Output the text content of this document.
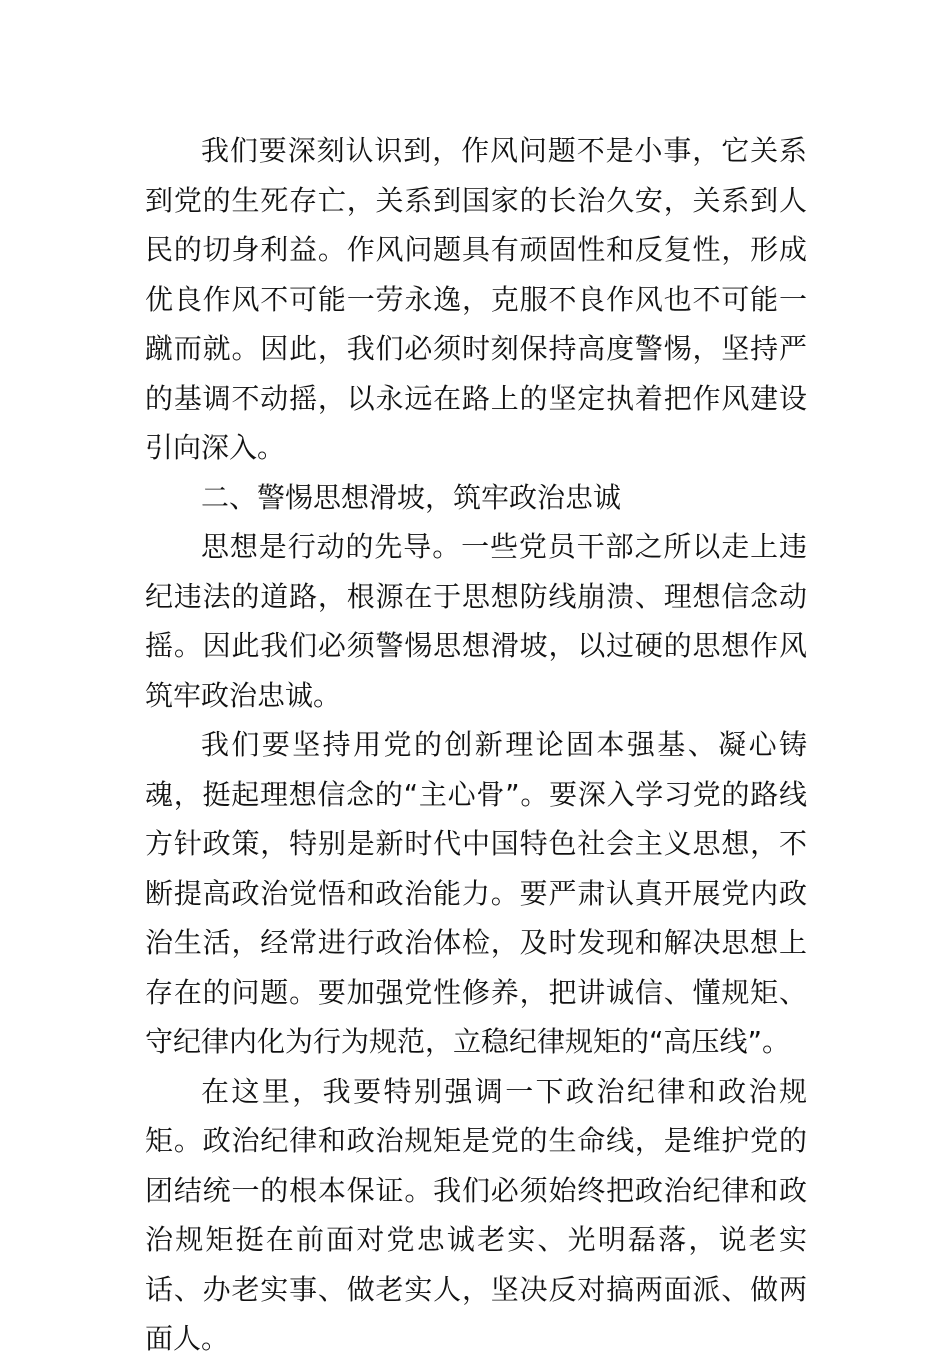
我们要深刻认识到，作风问题不是小事，它关系到党的生死存亡，关系到国家的长治久安，关系到人民的切身利益。作风问题具有顽固性和反复性，形成优良作风不可能一劳永逸，克服不良作风也不可能一蹴而就。因此，我们必须时刻保持高度警惕，坚持严的基调不动摇，以永远在路上的坚定执着把作风建设引向深入。

二、警惕思想滑坡，筑牢政治忠诚

思想是行动的先导。一些党员干部之所以走上违纪违法的道路，根源在于思想防线崩溃、理想信念动摇。因此我们必须警惕思想滑坡，以过硬的思想作风筑牢政治忠诚。

我们要坚持用党的创新理论固本强基、凝心铸魂，挺起理想信念的“主心骨”。要深入学习党的路线方针政策，特别是新时代中国特色社会主义思想，不断提高政治觉悟和政治能力。要严肃认真开展党内政治生活，经常进行政治体检，及时发现和解决思想上存在的问题。要加强党性修养，把讲诚信、懂规矩、守纪律内化为行为规范，立稳纪律规矩的“高压线”。

在这里，我要特别强调一下政治纪律和政治规矩。政治纪律和政治规矩是党的生命线，是维护党的团结统一的根本保证。我们必须始终把政治纪律和政治规矩挺在前面对党忠诚老实、光明磊落，说老实话、办老实事、做老实人，坚决反对搞两面派、做两面人。
